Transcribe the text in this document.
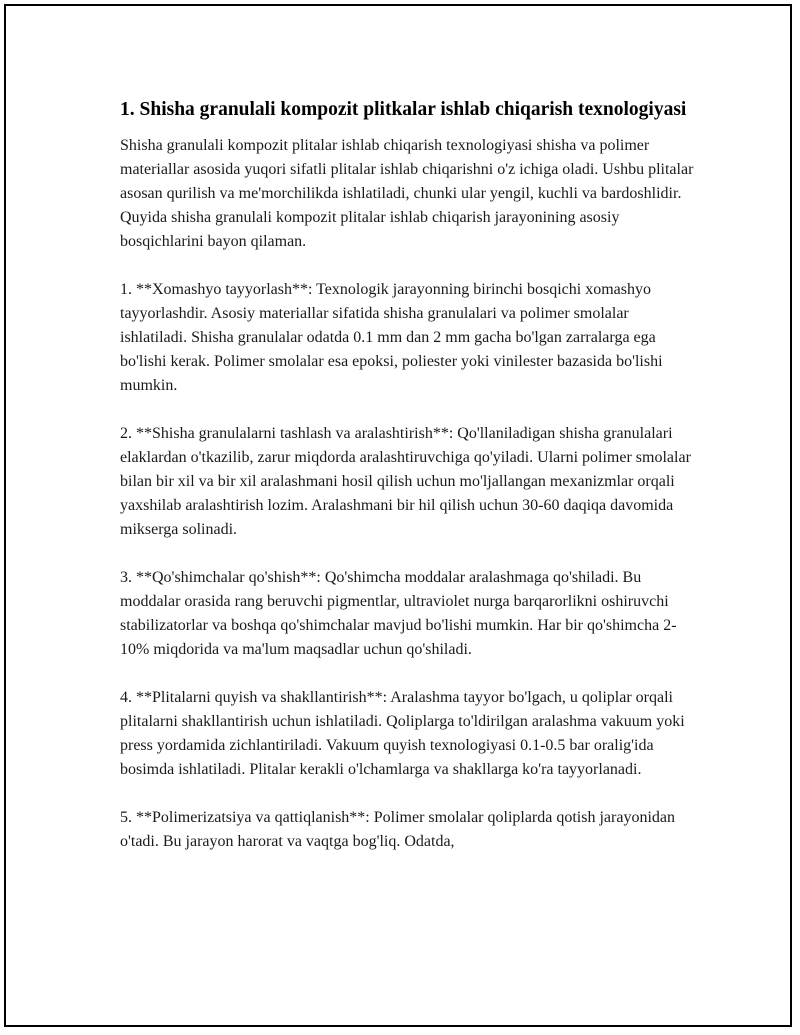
1. Shisha granulali kompozit plitkalar ishlab chiqarish texnologiyasi

Shisha granulali kompozit plitalar ishlab chiqarish texnologiyasi shisha va polimer materiallar asosida yuqori sifatli plitalar ishlab chiqarishni o'z ichiga oladi. Ushbu plitalar asosan qurilish va me'morchilikda ishlatiladi, chunki ular yengil, kuchli va bardoshlidir. Quyida shisha granulali kompozit plitalar ishlab chiqarish jarayonining asosiy bosqichlarini bayon qilaman.

1. **Xomashyo tayyorlash**: Texnologik jarayonning birinchi bosqichi xomashyo tayyorlashdir. Asosiy materiallar sifatida shisha granulalari va polimer smolalar ishlatiladi. Shisha granulalar odatda 0.1 mm dan 2 mm gacha bo'lgan zarralarga ega bo'lishi kerak. Polimer smolalar esa epoksi, poliester yoki vinilester bazasida bo'lishi mumkin.

2. **Shisha granulalarni tashlash va aralashtirish**: Qo'llaniladigan shisha granulalari elaklardan o'tkazilib, zarur miqdorda aralashtiruvchiga qo'yiladi. Ularni polimer smolalar bilan bir xil va bir xil aralashmani hosil qilish uchun mo'ljallangan mexanizmlar orqali yaxshilab aralashtirish lozim. Aralashmani bir hil qilish uchun 30-60 daqiqa davomida mikserga solinadi.

3. **Qo'shimchalar qo'shish**: Qo'shimcha moddalar aralashmaga qo'shiladi. Bu moddalar orasida rang beruvchi pigmentlar, ultraviolet nurga barqarorlikni oshiruvchi stabilizatorlar va boshqa qo'shimchalar mavjud bo'lishi mumkin. Har bir qo'shimcha 2-10% miqdorida va ma'lum maqsadlar uchun qo'shiladi.

4. **Plitalarni quyish va shakllantirish**: Aralashma tayyor bo'lgach, u qoliplar orqali plitalarni shakllantirish uchun ishlatiladi. Qoliplarga to'ldirilgan aralashma vakuum yoki press yordamida zichlantiriladi. Vakuum quyish texnologiyasi 0.1-0.5 bar oralig'ida bosimda ishlatiladi. Plitalar kerakli o'lchamlarga va shakllarga ko'ra tayyorlanadi.

5. **Polimerizatsiya va qattiqlanish**: Polimer smolalar qoliplarda qotish jarayonidan o'tadi. Bu jarayon harorat va vaqtga bog'liq. Odatda,
